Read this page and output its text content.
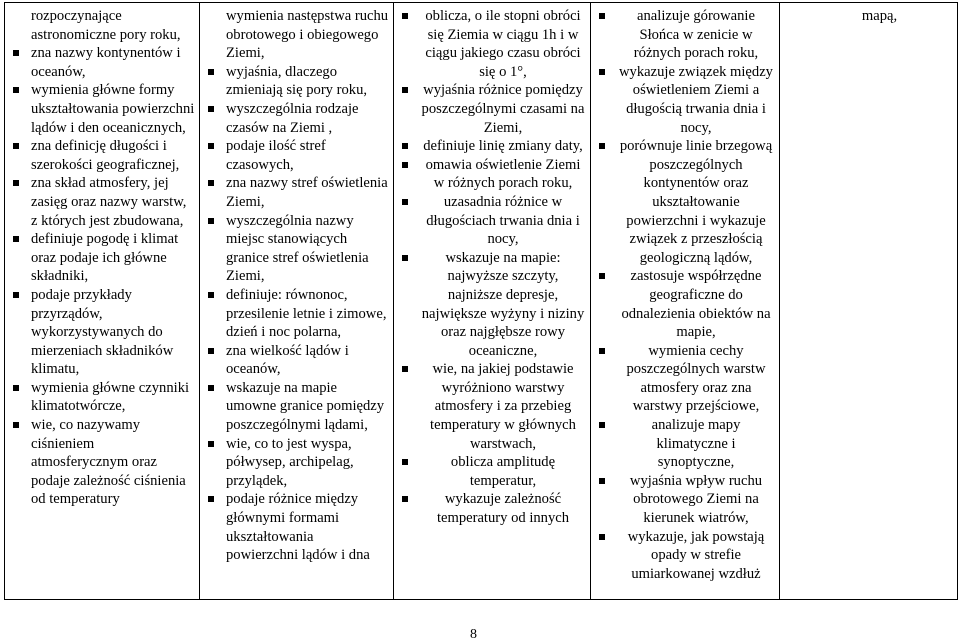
rozpoczynające astronomiczne pory roku,
zna nazwy kontynentów i oceanów,
wymienia główne formy ukształtowania powierzchni lądów i den oceanicznych,
zna definicję długości i szerokości geograficznej,
zna skład atmosfery, jej zasięg oraz nazwy warstw, z których jest zbudowana,
definiuje pogodę i klimat oraz podaje ich główne składniki,
podaje przykłady przyrządów, wykorzystywanych do mierzeniach składników klimatu,
wymienia główne czynniki klimatotwórcze,
wie, co nazywamy ciśnieniem atmosferycznym oraz podaje zależność ciśnienia od temperatury

wymienia następstwa ruchu obrotowego i obiegowego Ziemi,
wyjaśnia, dlaczego zmieniają się pory roku,
wyszczególnia rodzaje czasów na Ziemi ,
podaje ilość stref czasowych,
zna nazwy stref oświetlenia Ziemi,
wyszczególnia nazwy miejsc stanowiących granice stref oświetlenia Ziemi,
definiuje: równonoc, przesilenie letnie i zimowe, dzień i noc polarna,
zna wielkość lądów i oceanów,
wskazuje na mapie umowne granice pomiędzy poszczególnymi lądami,
wie, co to jest wyspa, półwysep, archipelag, przylądek,
podaje różnice między głównymi formami ukształtowania powierzchni lądów i dna

oblicza, o ile stopni obróci się Ziemia w ciągu 1h i w ciągu jakiego czasu obróci się o 1°,
wyjaśnia różnice pomiędzy poszczególnymi czasami na Ziemi,
definiuje linię zmiany daty,
omawia oświetlenie Ziemi w różnych porach roku,
uzasadnia różnice w długościach trwania dnia i nocy,
wskazuje na mapie: najwyższe szczyty, najniższe depresje, największe wyżyny i niziny oraz najgłębsze rowy oceaniczne,
wie, na jakiej podstawie wyróżniono warstwy atmosfery i za przebieg temperatury w głównych warstwach,
oblicza amplitudę temperatur,
wykazuje zależność temperatury od innych

analizuje górowanie Słońca w zenicie w różnych porach roku,
wykazuje związek między oświetleniem Ziemi a długością trwania dnia i nocy,
porównuje linie brzegową poszczególnych kontynentów oraz ukształtowanie powierzchni i wykazuje związek z przeszłością geologiczną lądów,
zastosuje współrzędne geograficzne do odnalezienia obiektów na mapie,
wymienia cechy poszczególnych warstw atmosfery oraz zna warstwy przejściowe,
analizuje mapy klimatyczne i synoptyczne,
wyjaśnia wpływ ruchu obrotowego Ziemi na kierunek wiatrów,
wykazuje, jak powstają opady w strefie umiarkowanej wzdłuż

mapą,
8
